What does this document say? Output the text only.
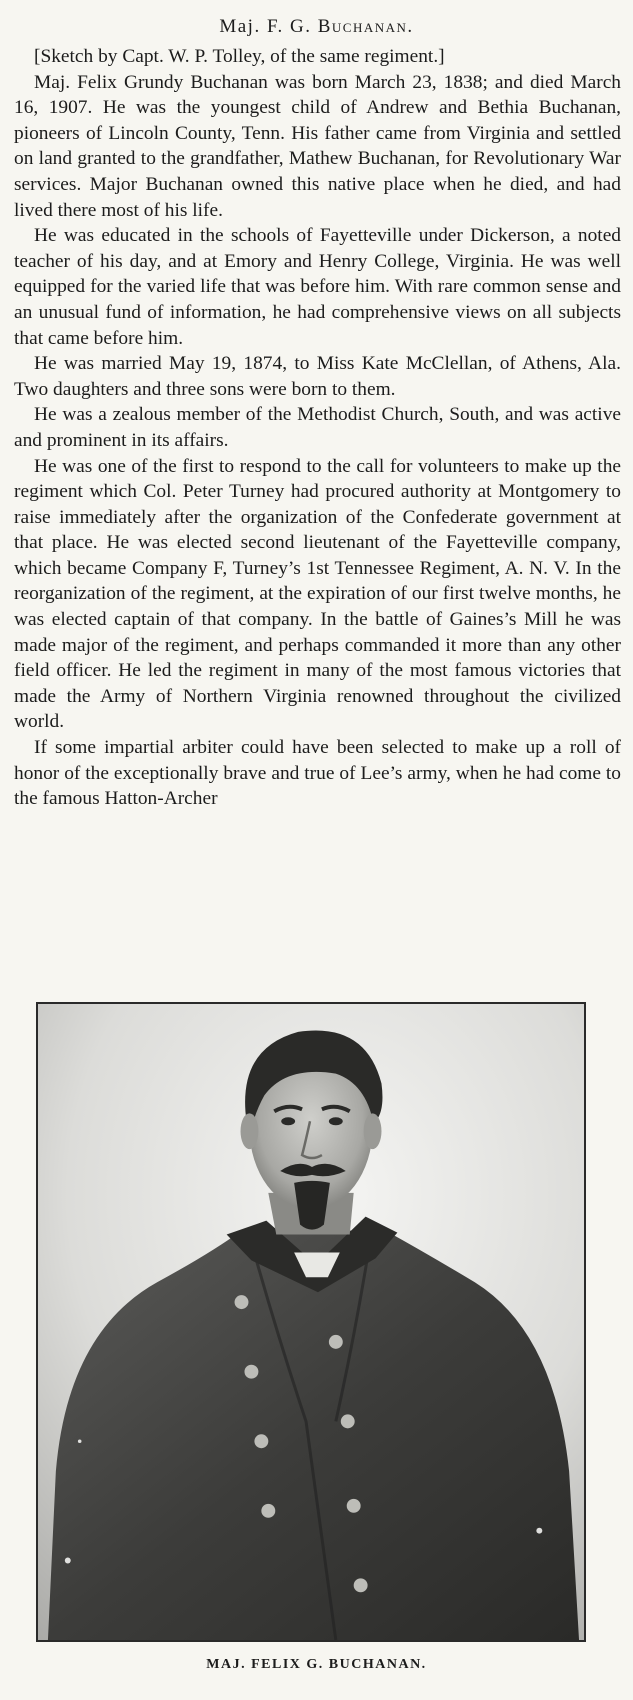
Maj. F. G. Buchanan.

[Sketch by Capt. W. P. Tolley, of the same regiment.]

Maj. Felix Grundy Buchanan was born March 23, 1838; and died March 16, 1907. He was the youngest child of Andrew and Bethia Buchanan, pioneers of Lincoln County, Tenn. His father came from Virginia and settled on land granted to the grandfather, Mathew Buchanan, for Revolutionary War services. Major Buchanan owned this native place when he died, and had lived there most of his life.

He was educated in the schools of Fayetteville under Dickerson, a noted teacher of his day, and at Emory and Henry College, Virginia. He was well equipped for the varied life that was before him. With rare common sense and an unusual fund of information, he had comprehensive views on all subjects that came before him.

He was married May 19, 1874, to Miss Kate McClellan, of Athens, Ala. Two daughters and three sons were born to them.

He was a zealous member of the Methodist Church, South, and was active and prominent in its affairs.

He was one of the first to respond to the call for volunteers to make up the regiment which Col. Peter Turney had procured authority at Montgomery to raise immediately after the organization of the Confederate government at that place. He was elected second lieutenant of the Fayetteville company, which became Company F, Turney’s 1st Tennessee Regiment, A. N. V. In the reorganization of the regiment, at the expiration of our first twelve months, he was elected captain of that company. In the battle of Gaines’s Mill he was made major of the regiment, and perhaps commanded it more than any other field officer. He led the regiment in many of the most famous victories that made the Army of Northern Virginia renowned throughout the civilized world.

If some impartial arbiter could have been selected to make up a roll of honor of the exceptionally brave and true of Lee’s army, when he had come to the famous Hatton-Archer

MAJ. FELIX G. BUCHANAN.
